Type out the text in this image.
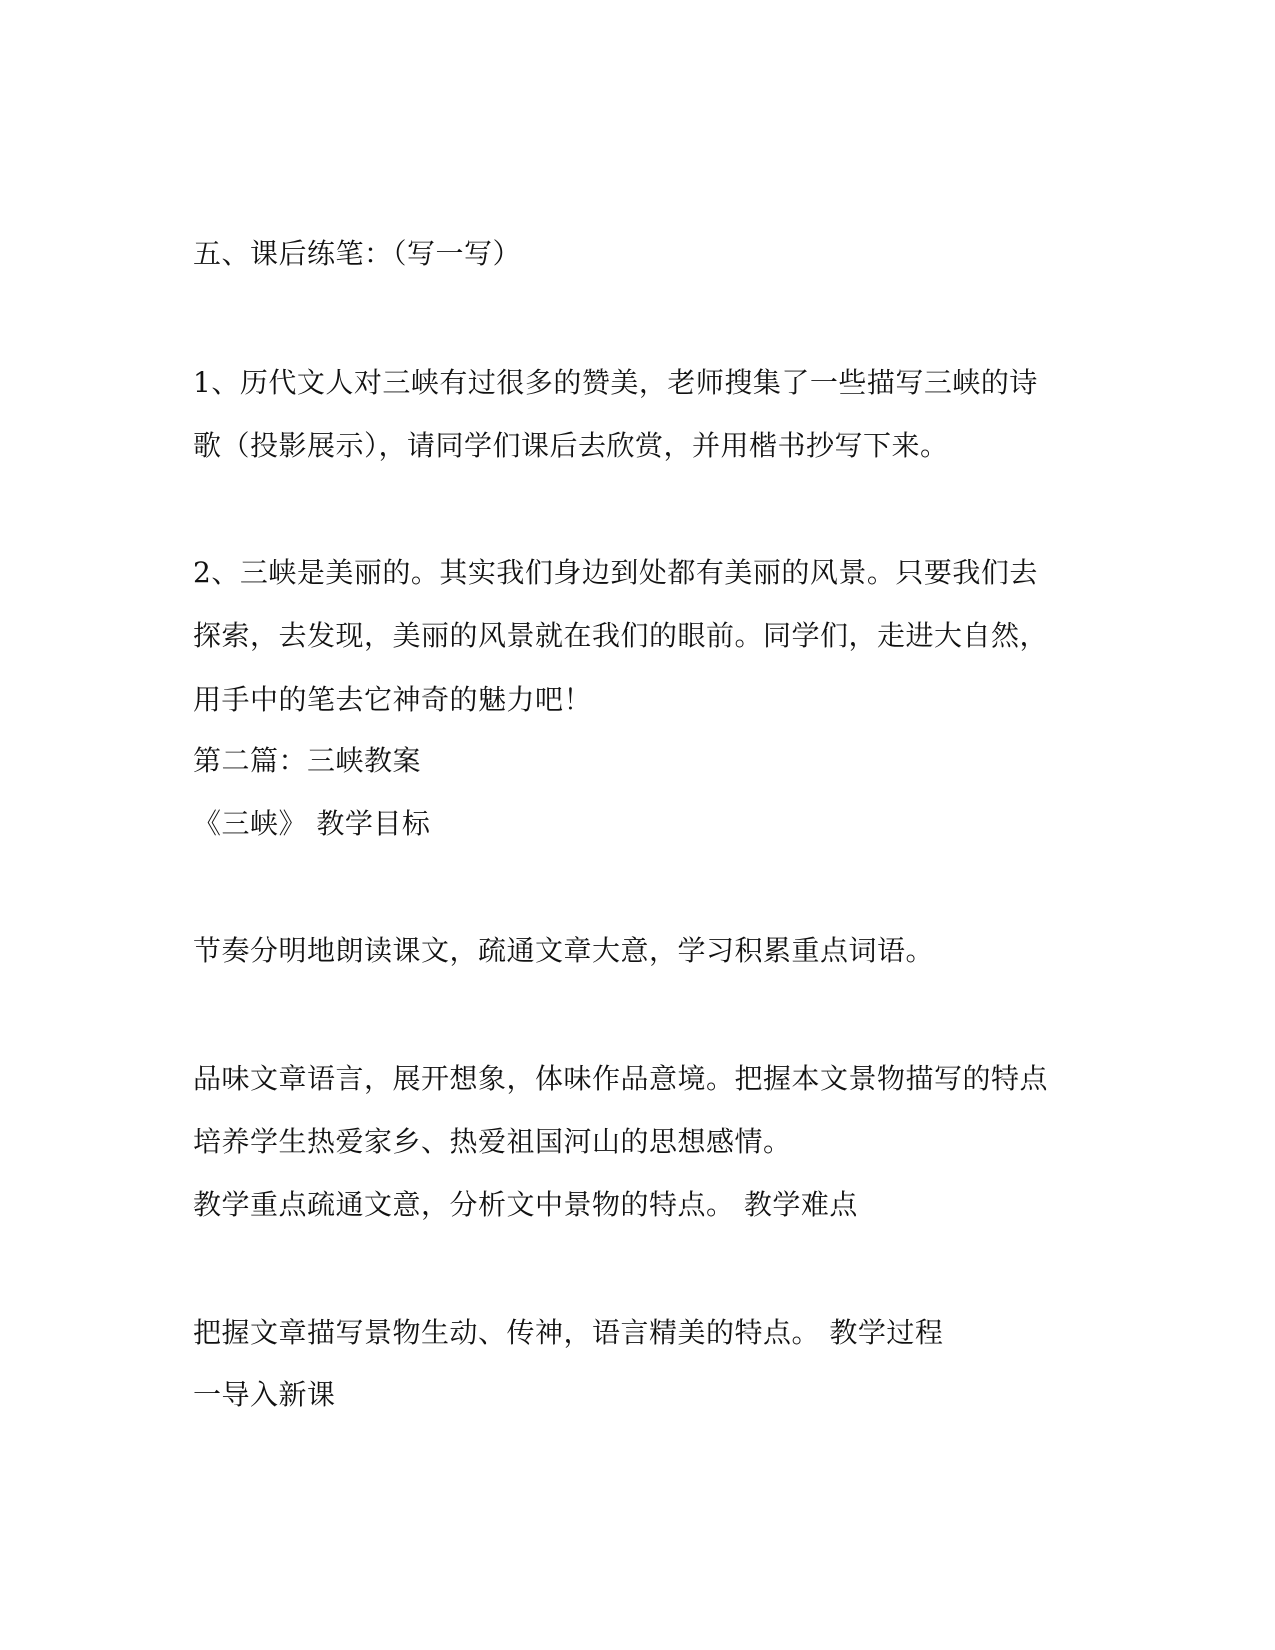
五、课后练笔：（写一写）
1、历代文人对三峡有过很多的赞美，老师搜集了一些描写三峡的诗
歌（投影展示），请同学们课后去欣赏，并用楷书抄写下来。
2、三峡是美丽的。其实我们身边到处都有美丽的风景。只要我们去
探索，去发现，美丽的风景就在我们的眼前。同学们，走进大自然，
用手中的笔去它神奇的魅力吧！
第二篇：三峡教案
《三峡》 教学目标
节奏分明地朗读课文，疏通文章大意，学习积累重点词语。
品味文章语言，展开想象，体味作品意境。把握本文景物描写的特点
培养学生热爱家乡、热爱祖国河山的思想感情。
教学重点疏通文意，分析文中景物的特点。 教学难点
把握文章描写景物生动、传神，语言精美的特点。 教学过程
一导入新课
